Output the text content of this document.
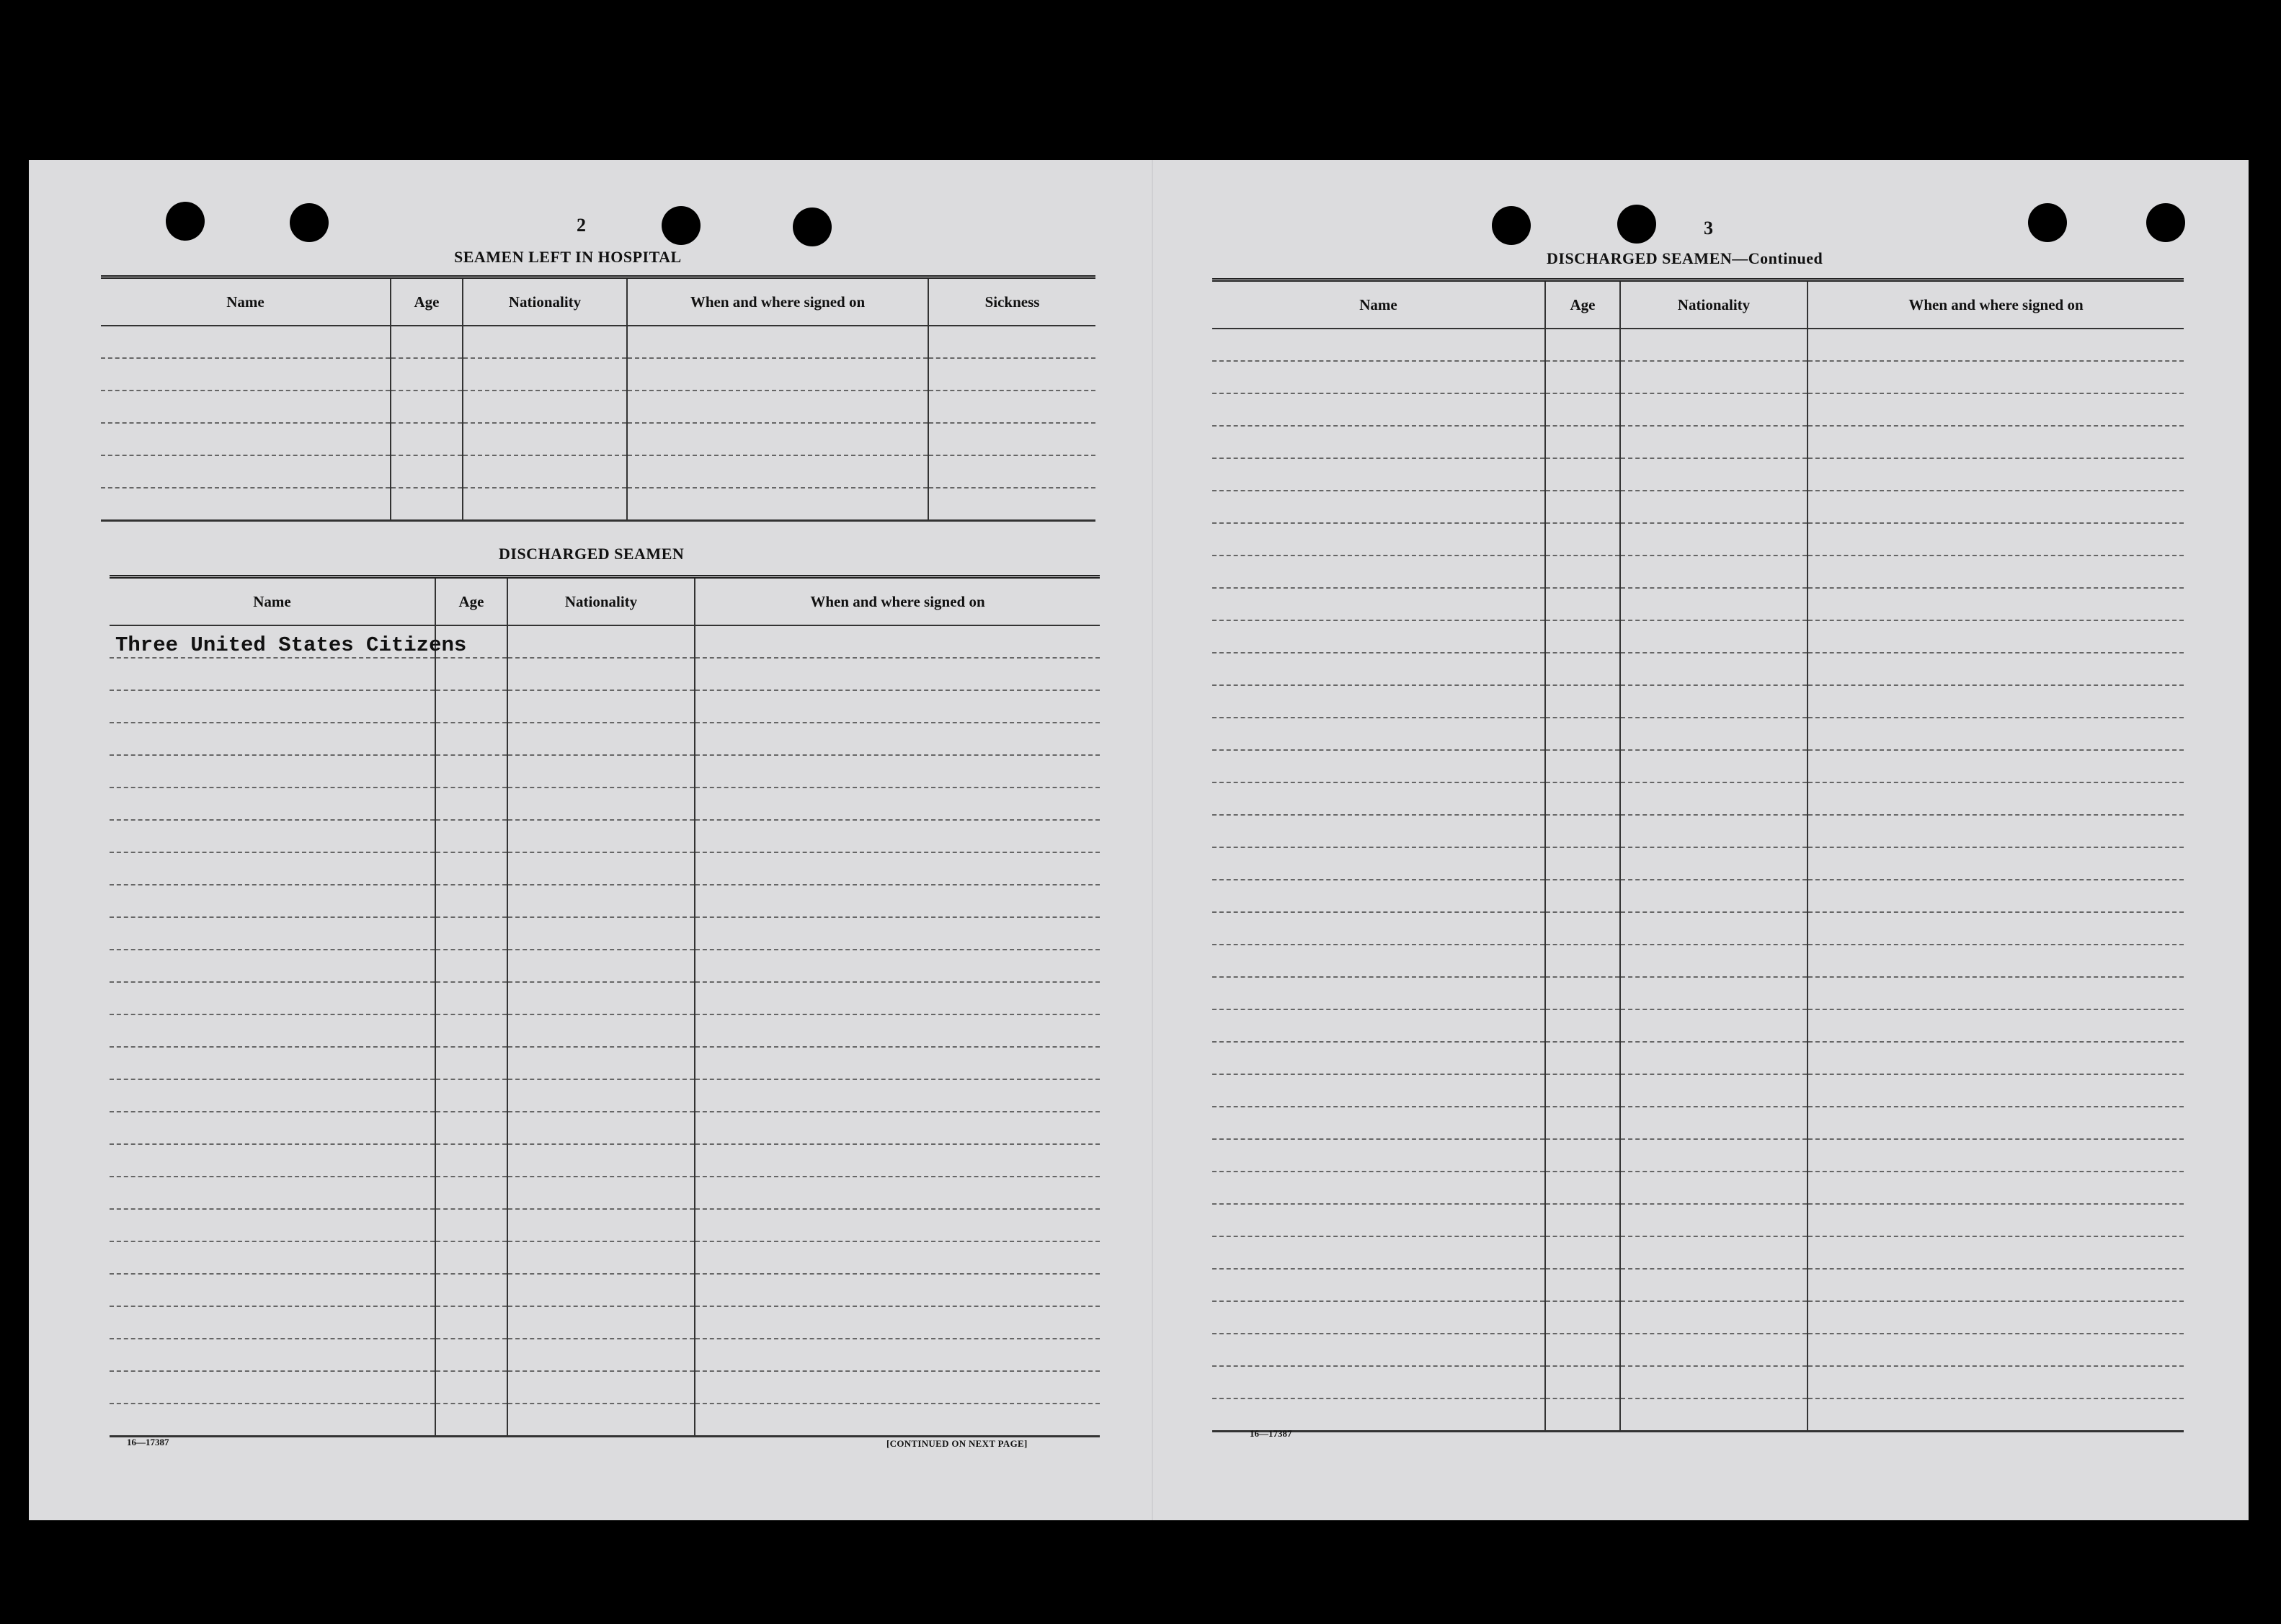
2
SEAMEN LEFT IN HOSPITAL
Name	Age	Nationality	When and where signed on	Sickness

DISCHARGED SEAMEN
Name	Age	Nationality	When and where signed on
Three United States Citizens			

16—17387	[CONTINUED ON NEXT PAGE]
3
DISCHARGED SEAMEN—Continued
Name	Age	Nationality	When and where signed on

16—17387
